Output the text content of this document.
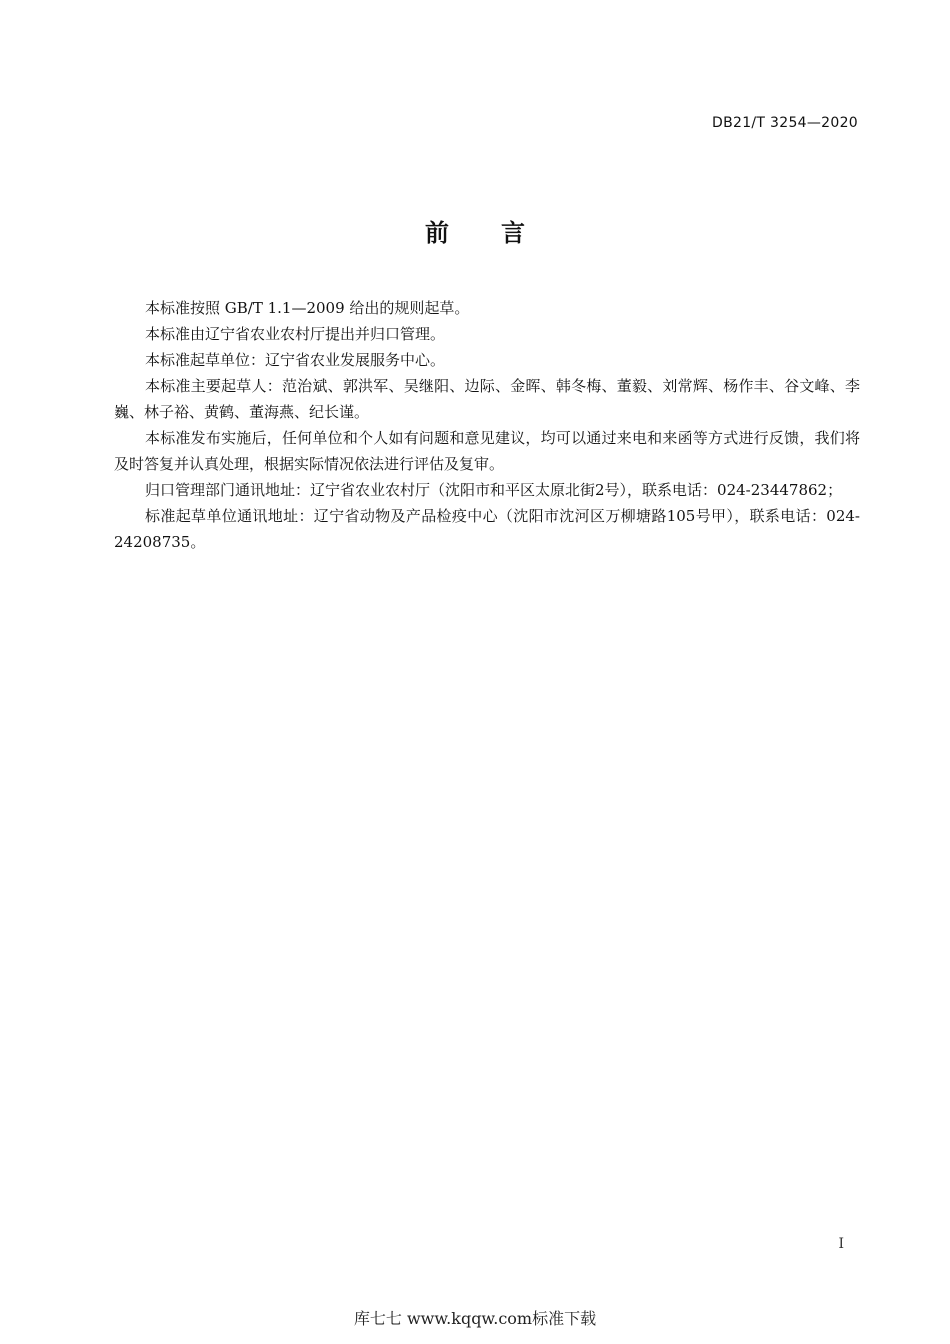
DB21/T 3254—2020
前言

本标准按照 GB/T 1.1—2009 给出的规则起草。

本标准由辽宁省农业农村厅提出并归口管理。

本标准起草单位：辽宁省农业发展服务中心。

本标准主要起草人：范治斌、郭洪军、吴继阳、边际、金晖、韩冬梅、董毅、刘常辉、杨作丰、谷文峰、李巍、林子裕、黄鹤、董海燕、纪长谨。

本标准发布实施后，任何单位和个人如有问题和意见建议，均可以通过来电和来函等方式进行反馈，我们将及时答复并认真处理，根据实际情况依法进行评估及复审。

归口管理部门通讯地址：辽宁省农业农村厅（沈阳市和平区太原北街2号），联系电话：024-23447862；

标准起草单位通讯地址：辽宁省动物及产品检疫中心（沈阳市沈河区万柳塘路105号甲），联系电话：024-24208735。

I
库七七 www.kqqw.com标准下载
